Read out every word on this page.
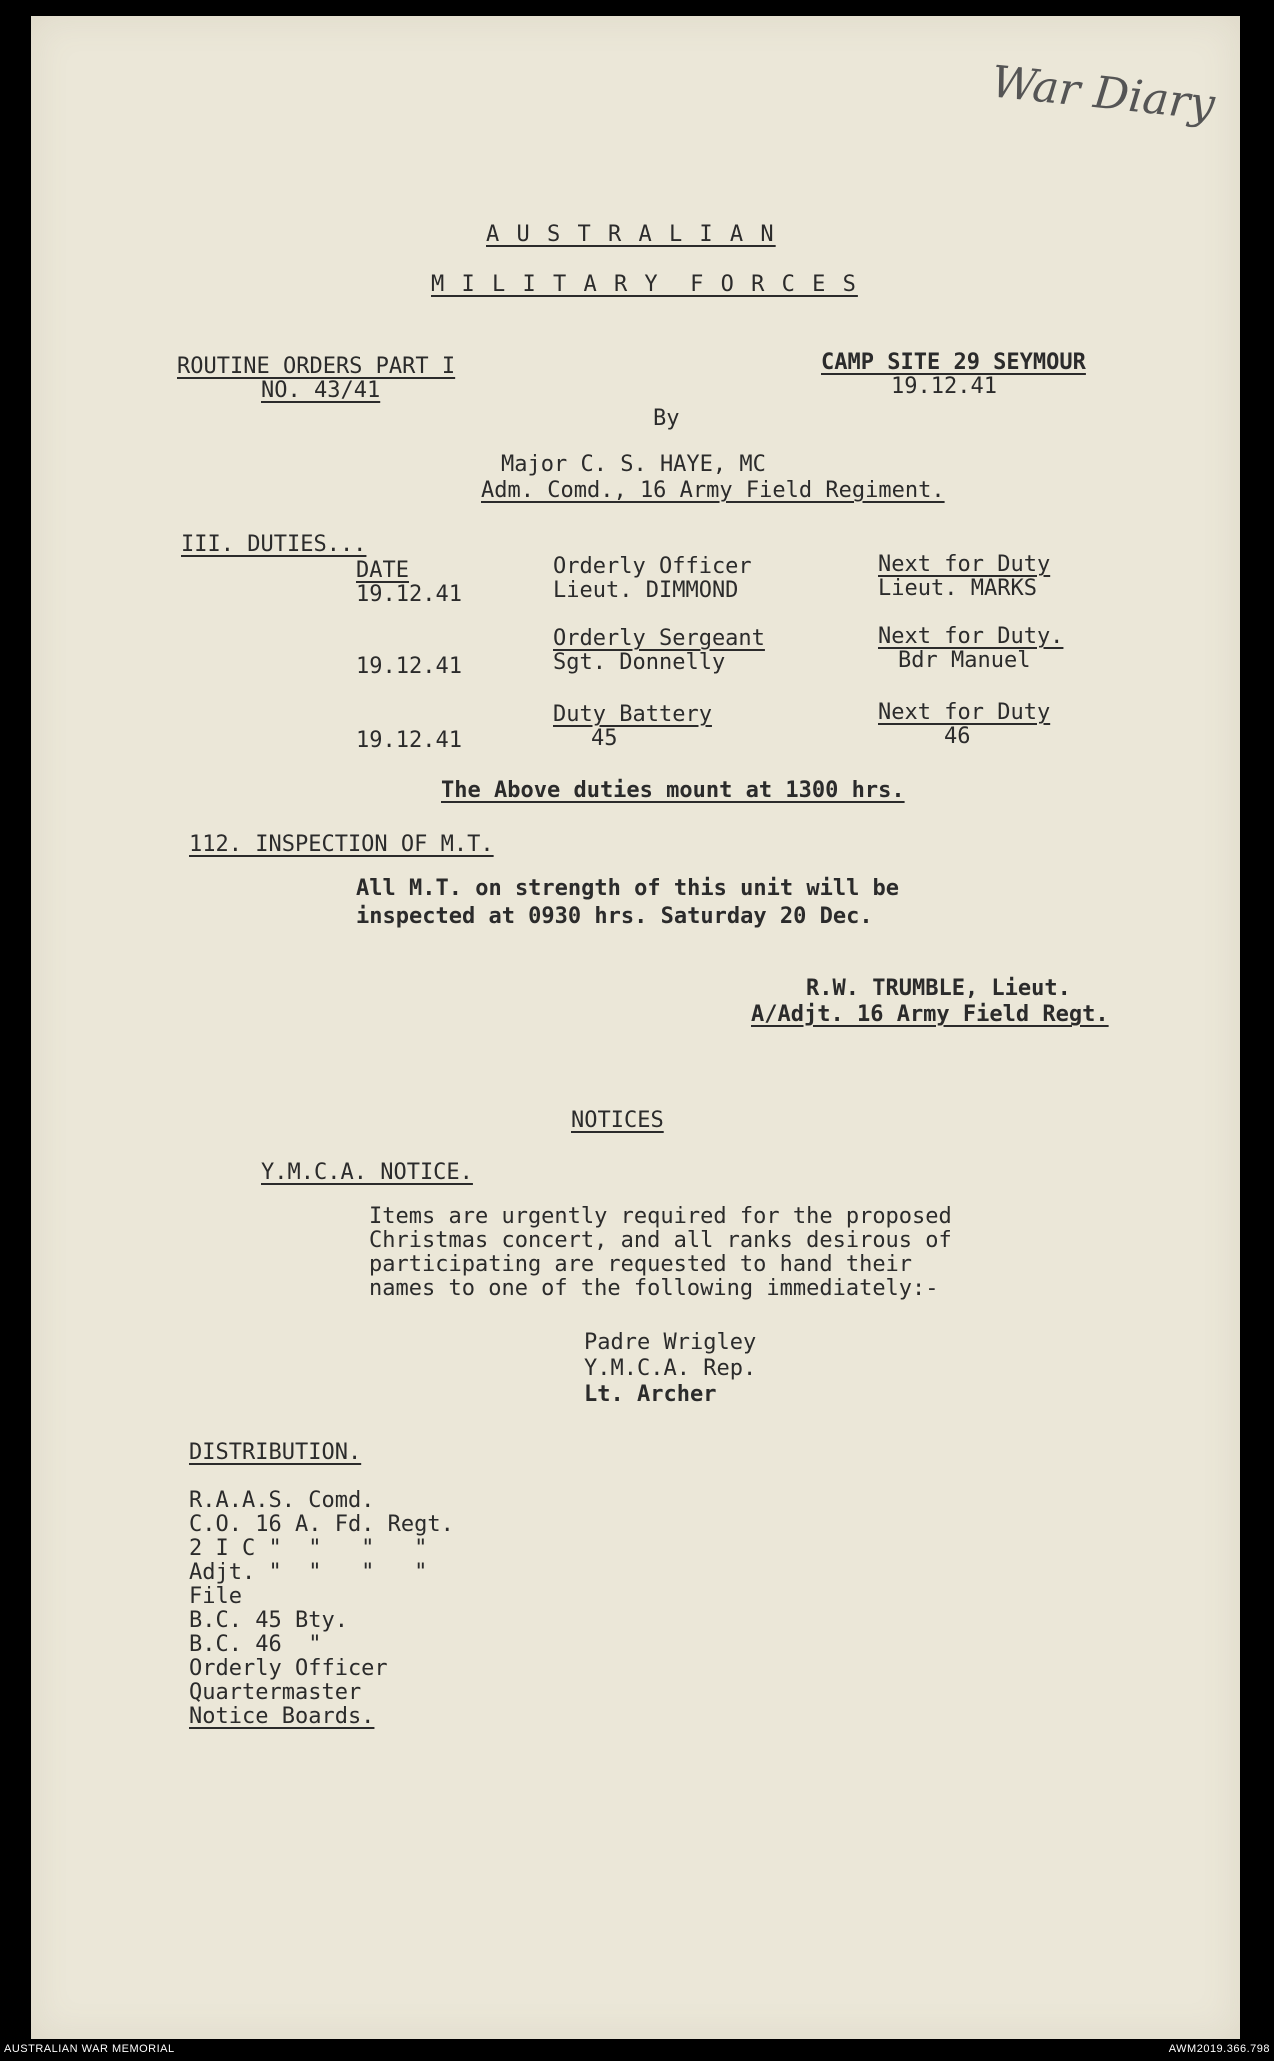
War Diary
A U S T R A L I A N
M I L I T A R Y  F O R C E S
ROUTINE ORDERS PART I
NO. 43/41
CAMP SITE 29 SEYMOUR
19.12.41
By
Major C. S. HAYE, MC
Adm. Comd., 16 Army Field Regiment.
III. DUTIES...
DATE
19.12.41
Orderly Officer
Lieut. DIMMOND
Next for Duty
Lieut. MARKS
19.12.41
Orderly Sergeant
Sgt. Donnelly
Next for Duty.
Bdr Manuel
19.12.41
Duty Battery
45
Next for Duty
46
The Above duties mount at 1300 hrs.
112. INSPECTION OF M.T.
All M.T. on strength of this unit will be
inspected at 0930 hrs. Saturday 20 Dec.
R.W. TRUMBLE, Lieut.
A/Adjt. 16 Army Field Regt.
NOTICES
Y.M.C.A. NOTICE.
Items are urgently required for the proposed
Christmas concert, and all ranks desirous of
participating are requested to hand their
names to one of the following immediately:-
Padre Wrigley
Y.M.C.A. Rep.
Lt. Archer
DISTRIBUTION.
R.A.A.S. Comd.
C.O. 16 A. Fd. Regt.
2 I C "  "   "   "
Adjt. "  "   "   "
File
B.C. 45 Bty.
B.C. 46  "
Orderly Officer
Quartermaster
Notice Boards.
AUSTRALIAN WAR MEMORIAL	AWM2019.366.798
